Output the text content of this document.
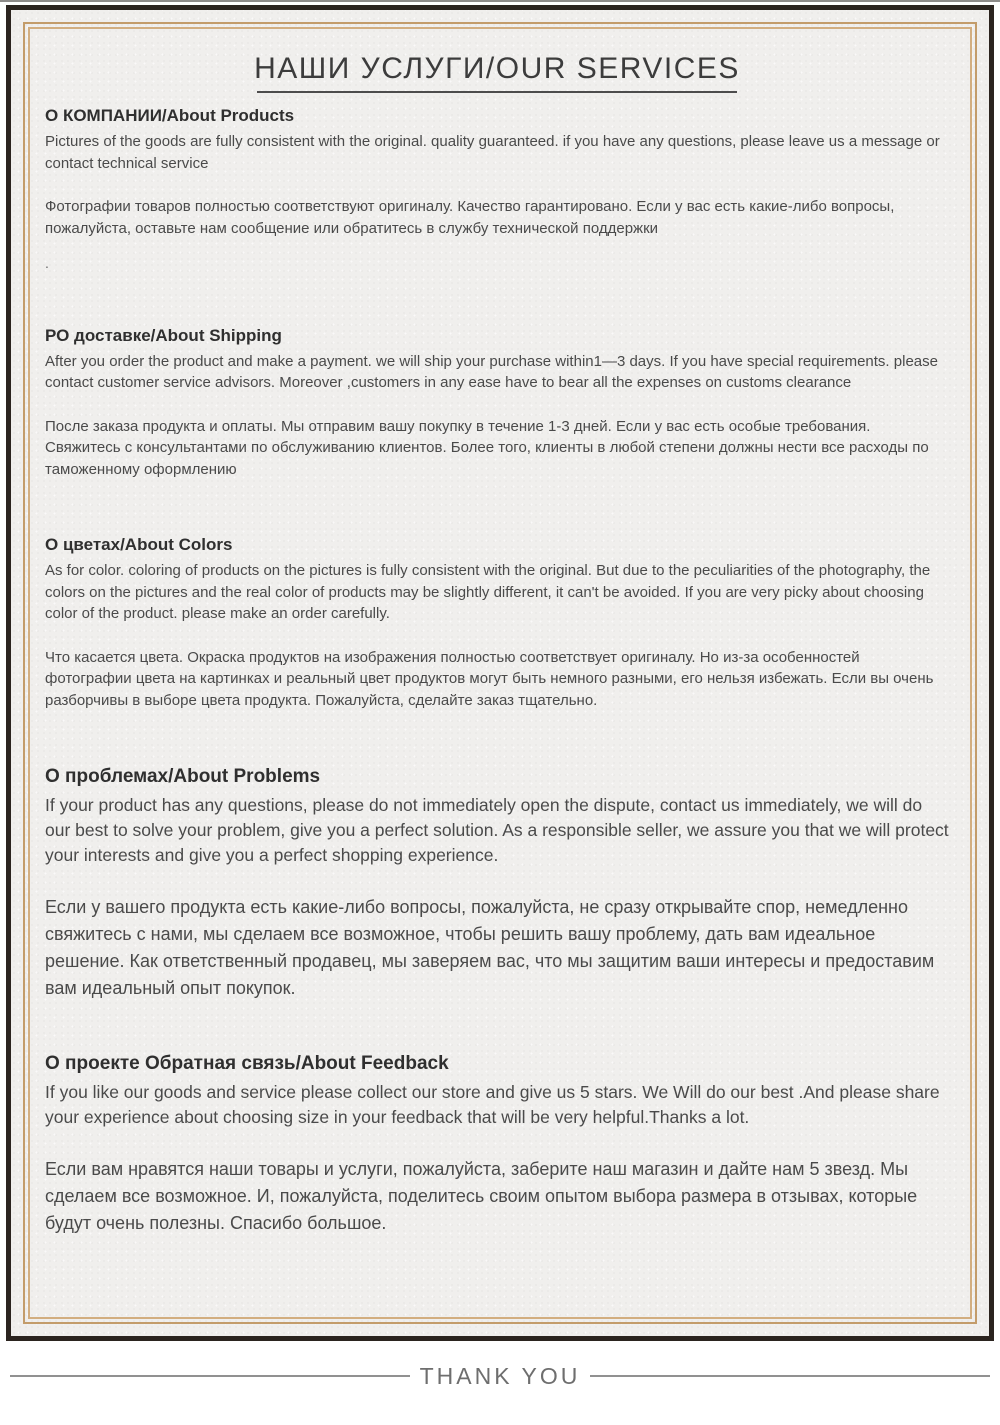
НАШИ УСЛУГИ/OUR SERVICES
О КОМПАНИИ/About Products

Pictures of the goods are fully consistent with the original. quality guaranteed. if you have any questions, please leave us a message or contact technical service

Фотографии товаров полностью соответствуют оригиналу. Качество гарантировано. Если у вас есть какие-либо вопросы, пожалуйста, оставьте нам сообщение или обратитесь в службу технической поддержки

.

РО доставке/About Shipping

After you order the product and make a payment. we will ship your purchase within1—3 days. If you have special requirements. please contact customer service advisors. Moreover ,customers in any ease have to bear all the expenses on customs clearance

После заказа продукта и оплаты. Мы отправим вашу покупку в течение 1-3 дней. Если у вас есть особые требования. Свяжитесь с консультантами по обслуживанию клиентов. Более того, клиенты в любой степени должны нести все расходы по таможенному оформлению

О цветах/About Colors

As for color. coloring of products on the pictures is fully consistent with the original. But due to the peculiarities of the photography, the colors on the pictures and the real color of products may be slightly different, it can't be avoided. If you are very picky about choosing color of the product. please make an order carefully.

Что касается цвета. Окраска продуктов на изображения полностью соответствует оригиналу. Но из-за особенностей фотографии цвета на картинках и реальный цвет продуктов могут быть немного разными, его нельзя избежать. Если вы очень разборчивы в выборе цвета продукта. Пожалуйста, сделайте заказ тщательно.

О проблемах/About Problems

If your product has any questions, please do not immediately open the dispute, contact us immediately, we will do our best to solve your problem, give you a perfect solution. As a responsible seller, we assure you that we will protect your interests and give you a perfect shopping experience.

Если у вашего продукта есть какие-либо вопросы, пожалуйста, не сразу открывайте спор, немедленно свяжитесь с нами, мы сделаем все возможное, чтобы решить вашу проблему, дать вам идеальное решение. Как ответственный продавец, мы заверяем вас, что мы защитим ваши интересы и предоставим вам идеальный опыт покупок.

О проекте Обратная связь/About Feedback

If you like our goods and service please collect our store and give us 5 stars. We Will do our best .And please share your experience about choosing size in your feedback that will be very helpful.Thanks a lot.

Если вам нравятся наши товары и услуги, пожалуйста, заберите наш магазин и дайте нам 5 звезд. Мы сделаем все возможное. И, пожалуйста, поделитесь своим опытом выбора размера в отзывах, которые будут очень полезны. Спасибо большое.

THANK YOU
